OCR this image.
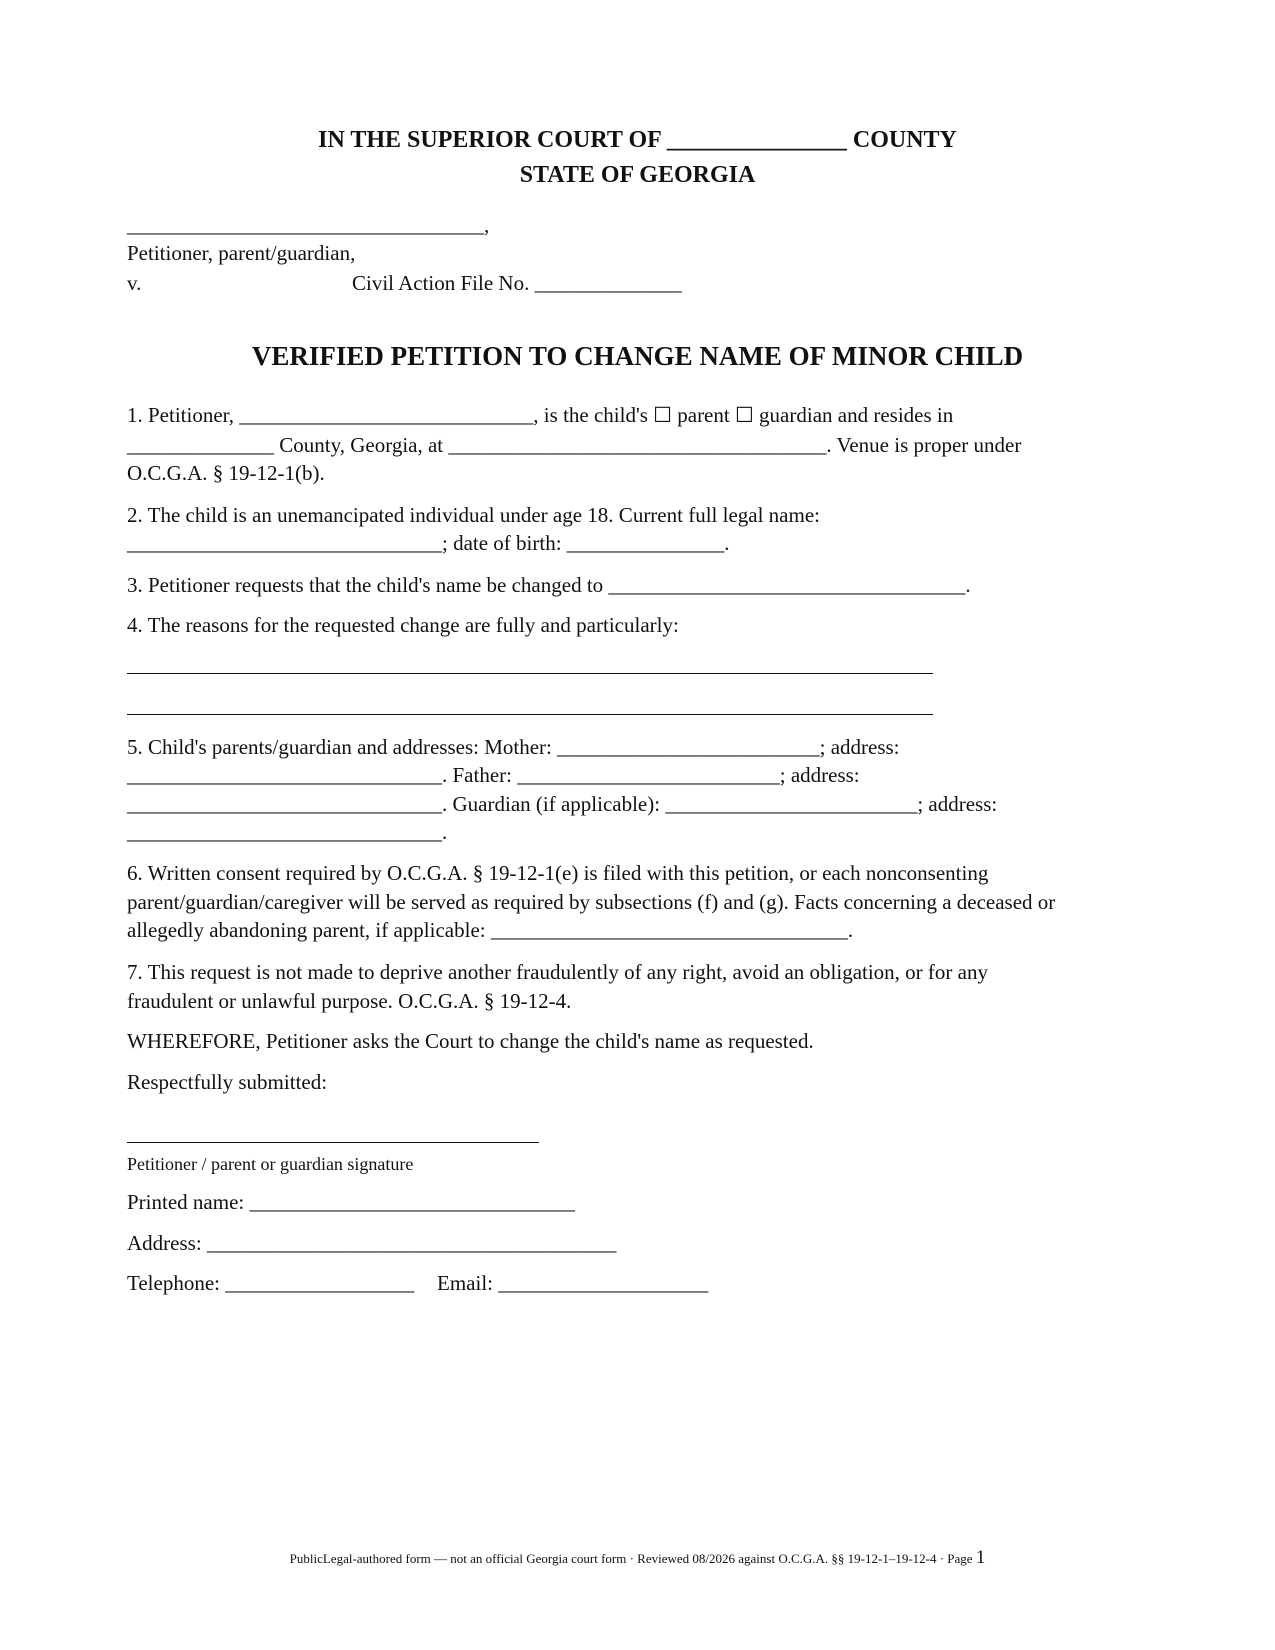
IN THE SUPERIOR COURT OF _______________ COUNTY
STATE OF GEORGIA
__________________________________,
Petitioner, parent/guardian,
v.	Civil Action File No. ______________
VERIFIED PETITION TO CHANGE NAME OF MINOR CHILD
1. Petitioner, ____________________________, is the child's ☐ parent ☐ guardian and resides in
______________ County, Georgia, at ____________________________________. Venue is proper under
O.C.G.A. § 19-12-1(b).
2. The child is an unemancipated individual under age 18. Current full legal name:
______________________________; date of birth: _______________.
3. Petitioner requests that the child's name be changed to __________________________________.
4. The reasons for the requested change are fully and particularly:
5. Child's parents/guardian and addresses: Mother: _________________________; address:
______________________________. Father: _________________________; address:
______________________________. Guardian (if applicable): ________________________; address:
______________________________.
6. Written consent required by O.C.G.A. § 19-12-1(e) is filed with this petition, or each nonconsenting
parent/guardian/caregiver will be served as required by subsections (f) and (g). Facts concerning a deceased or
allegedly abandoning parent, if applicable: __________________________________.
7. This request is not made to deprive another fraudulently of any right, avoid an obligation, or for any
fraudulent or unlawful purpose. O.C.G.A. § 19-12-4.
WHEREFORE, Petitioner asks the Court to change the child's name as requested.
Respectfully submitted:
Petitioner / parent or guardian signature
Printed name: _______________________________
Address: _______________________________________
Telephone: __________________ Email: ____________________
PublicLegal-authored form — not an official Georgia court form · Reviewed 08/2026 against O.C.G.A. §§ 19-12-1–19-12-4 · Page 1
